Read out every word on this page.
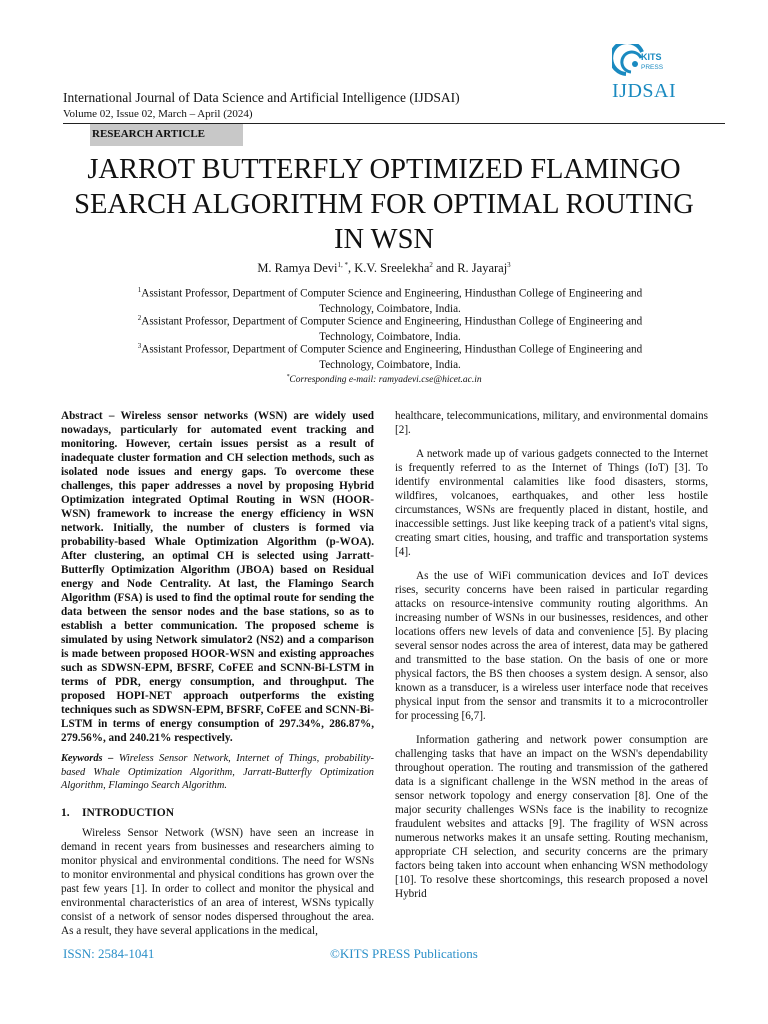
International Journal of Data Science and Artificial Intelligence (IJDSAI)
Volume 02, Issue 02, March – April (2024)
KITS
PRESS
IJDSAI
RESEARCH ARTICLE
JARROT BUTTERFLY OPTIMIZED FLAMINGO SEARCH ALGORITHM FOR OPTIMAL ROUTING IN WSN
M. Ramya Devi$^{1, *}$, K.V. Sreelekha$^2$ and R. Jayaraj$^3$
$^1$Assistant Professor, Department of Computer Science and Engineering, Hindusthan College of Engineering and
Technology, Coimbatore, India.
$^2$Assistant Professor, Department of Computer Science and Engineering, Hindusthan College of Engineering and
Technology, Coimbatore, India.
$^3$Assistant Professor, Department of Computer Science and Engineering, Hindusthan College of Engineering and
Technology, Coimbatore, India.
*Corresponding e-mail: ramyadevi.cse@hicet.ac.in

Abstract – Wireless sensor networks (WSN) are widely used nowadays, particularly for automated event tracking and monitoring. However, certain issues persist as a result of inadequate cluster formation and CH selection methods, such as isolated node issues and energy gaps. To overcome these challenges, this paper addresses a novel by proposing Hybrid Optimization integrated Optimal Routing in WSN (HOOR-WSN) framework to increase the energy efficiency in WSN network. Initially, the number of clusters is formed via probability-based Whale Optimization Algorithm (p-WOA). After clustering, an optimal CH is selected using Jarratt-Butterfly Optimization Algorithm (JBOA) based on Residual energy and Node Centrality. At last, the Flamingo Search Algorithm (FSA) is used to find the optimal route for sending the data between the sensor nodes and the base stations, so as to establish a better communication. The proposed scheme is simulated by using Network simulator2 (NS2) and a comparison is made between proposed HOOR-WSN and existing approaches such as SDWSN-EPM, BFSRF, CoFEE and SCNN-Bi-LSTM in terms of PDR, energy consumption, and throughput. The proposed HOPI-NET approach outperforms the existing techniques such as SDWSN-EPM, BFSRF, CoFEE and SCNN-Bi-LSTM in terms of energy consumption of 297.34%, 286.87%, 279.56%, and 240.21% respectively.

Keywords – Wireless Sensor Network, Internet of Things, probability-based Whale Optimization Algorithm, Jarratt-Butterfly Optimization Algorithm, Flamingo Search Algorithm.

1. INTRODUCTION

Wireless Sensor Network (WSN) have seen an increase in demand in recent years from businesses and researchers aiming to monitor physical and environmental conditions. The need for WSNs to monitor environmental and physical conditions has grown over the past few years [1]. In order to collect and monitor the physical and environmental characteristics of an area of interest, WSNs typically consist of a network of sensor nodes dispersed throughout the area. As a result, they have several applications in the medical,

healthcare, telecommunications, military, and environmental domains [2].

A network made up of various gadgets connected to the Internet is frequently referred to as the Internet of Things (IoT) [3]. To identify environmental calamities like food disasters, storms, wildfires, volcanoes, earthquakes, and other less hostile circumstances, WSNs are frequently placed in distant, hostile, and inaccessible settings. Just like keeping track of a patient's vital signs, creating smart cities, housing, and traffic and transportation systems [4].

As the use of WiFi communication devices and IoT devices rises, security concerns have been raised in particular regarding attacks on resource-intensive community routing algorithms. An increasing number of WSNs in our businesses, residences, and other locations offers new levels of data and convenience [5]. By placing several sensor nodes across the area of interest, data may be gathered and transmitted to the base station. On the basis of one or more physical factors, the BS then chooses a system design. A sensor, also known as a transducer, is a wireless user interface node that receives physical input from the sensor and transmits it to a microcontroller for processing [6,7].

Information gathering and network power consumption are challenging tasks that have an impact on the WSN's dependability throughout operation. The routing and transmission of the gathered data is a significant challenge in the WSN method in the areas of sensor network topology and energy conservation [8]. One of the major security challenges WSNs face is the inability to recognize fraudulent websites and attacks [9]. The fragility of WSN across numerous networks makes it an unsafe setting. Routing mechanism, appropriate CH selection, and security concerns are the primary factors being taken into account when enhancing WSN methodology [10]. To resolve these shortcomings, this research proposed a novel Hybrid

ISSN: 2584-1041	©KITS PRESS Publications
